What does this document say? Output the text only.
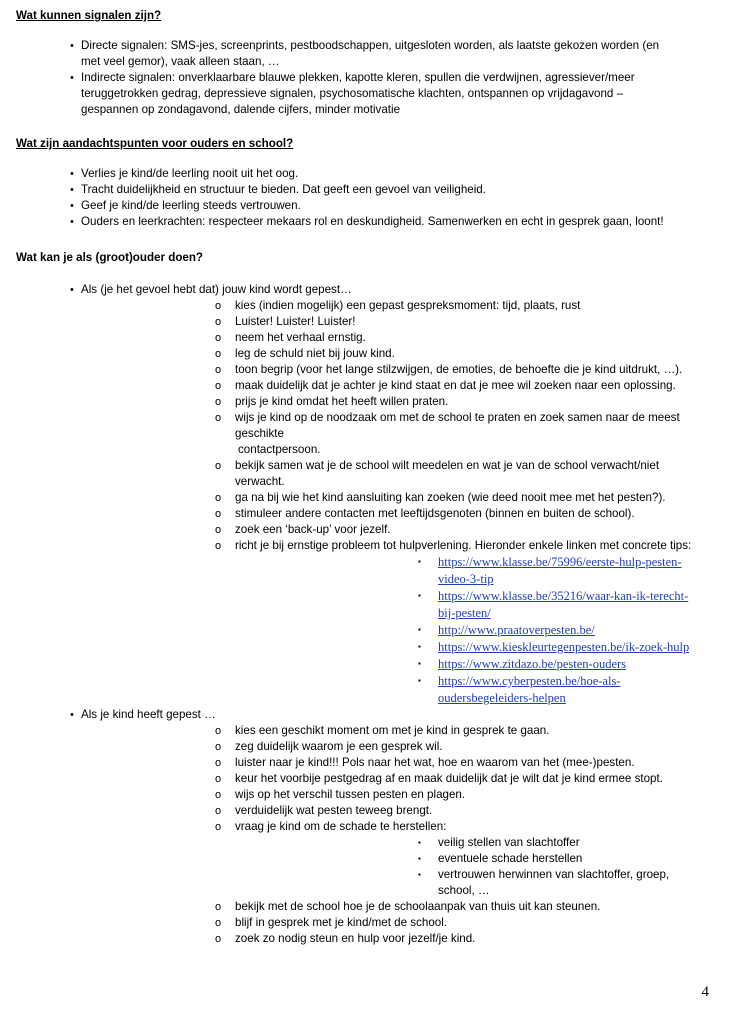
Wat kunnen signalen zijn?
• Directe signalen: SMS-jes, screenprints, pestboodschappen, uitgesloten worden, als laatste gekozen worden (en
met veel gemor), vaak alleen staan, …
• Indirecte signalen: onverklaarbare blauwe plekken, kapotte kleren, spullen die verdwijnen, agressiever/meer
teruggetrokken gedrag, depressieve signalen, psychosomatische klachten, ontspannen op vrijdagavond –
gespannen op zondagavond, dalende cijfers, minder motivatie
Wat zijn aandachtspunten voor ouders en school?
• Verlies je kind/de leerling nooit uit het oog.
• Tracht duidelijkheid en structuur te bieden. Dat geeft een gevoel van veiligheid.
• Geef je kind/de leerling steeds vertrouwen.
• Ouders en leerkrachten: respecteer mekaars rol en deskundigheid. Samenwerken en echt in gesprek gaan, loont!
Wat kan je als (groot)ouder doen?
• Als (je het gevoel hebt dat) jouw kind wordt gepest…
o kies (indien mogelijk) een gepast gespreksmoment: tijd, plaats, rust
o Luister! Luister! Luister!
o neem het verhaal ernstig.
o leg de schuld niet bij jouw kind.
o toon begrip (voor het lange stilzwijgen, de emoties, de behoefte die je kind uitdrukt, …).
o maak duidelijk dat je achter je kind staat en dat je mee wil zoeken naar een oplossing.
o prijs je kind omdat het heeft willen praten.
o wijs je kind op de noodzaak om met de school te praten en zoek samen naar de meest geschikte

contactpersoon.
o bekijk samen wat je de school wilt meedelen en wat je van de school verwacht/niet verwacht.
o ga na bij wie het kind aansluiting kan zoeken (wie deed nooit mee met het pesten?).
o stimuleer andere contacten met leeftijdsgenoten (binnen en buiten de school).
o zoek een ‘back-up’ voor jezelf.
o richt je bij ernstige probleem tot hulpverlening. Hieronder enkele linken met concrete tips:
▪ https://www.klasse.be/75996/eerste-hulp-pesten-video-3-tip
▪ https://www.klasse.be/35216/waar-kan-ik-terecht-bij-pesten/
▪ http://www.praatoverpesten.be/
▪ https://www.kieskleurtegenpesten.be/ik-zoek-hulp
▪ https://www.zitdazo.be/pesten-ouders
▪ https://www.cyberpesten.be/hoe-als-oudersbegeleiders-helpen
• Als je kind heeft gepest …
o kies een geschikt moment om met je kind in gesprek te gaan.
o zeg duidelijk waarom je een gesprek wil.
o luister naar je kind!!! Pols naar het wat, hoe en waarom van het (mee-)pesten.
o keur het voorbije pestgedrag af en maak duidelijk dat je wilt dat je kind ermee stopt.
o wijs op het verschil tussen pesten en plagen.
o verduidelijk wat pesten teweeg brengt.
o vraag je kind om de schade te herstellen:
▪ veilig stellen van slachtoffer
▪ eventuele schade herstellen
▪ vertrouwen herwinnen van slachtoffer, groep, school, …
o bekijk met de school hoe je de schoolaanpak van thuis uit kan steunen.
o blijf in gesprek met je kind/met de school.
o zoek zo nodig steun en hulp voor jezelf/je kind.
4
